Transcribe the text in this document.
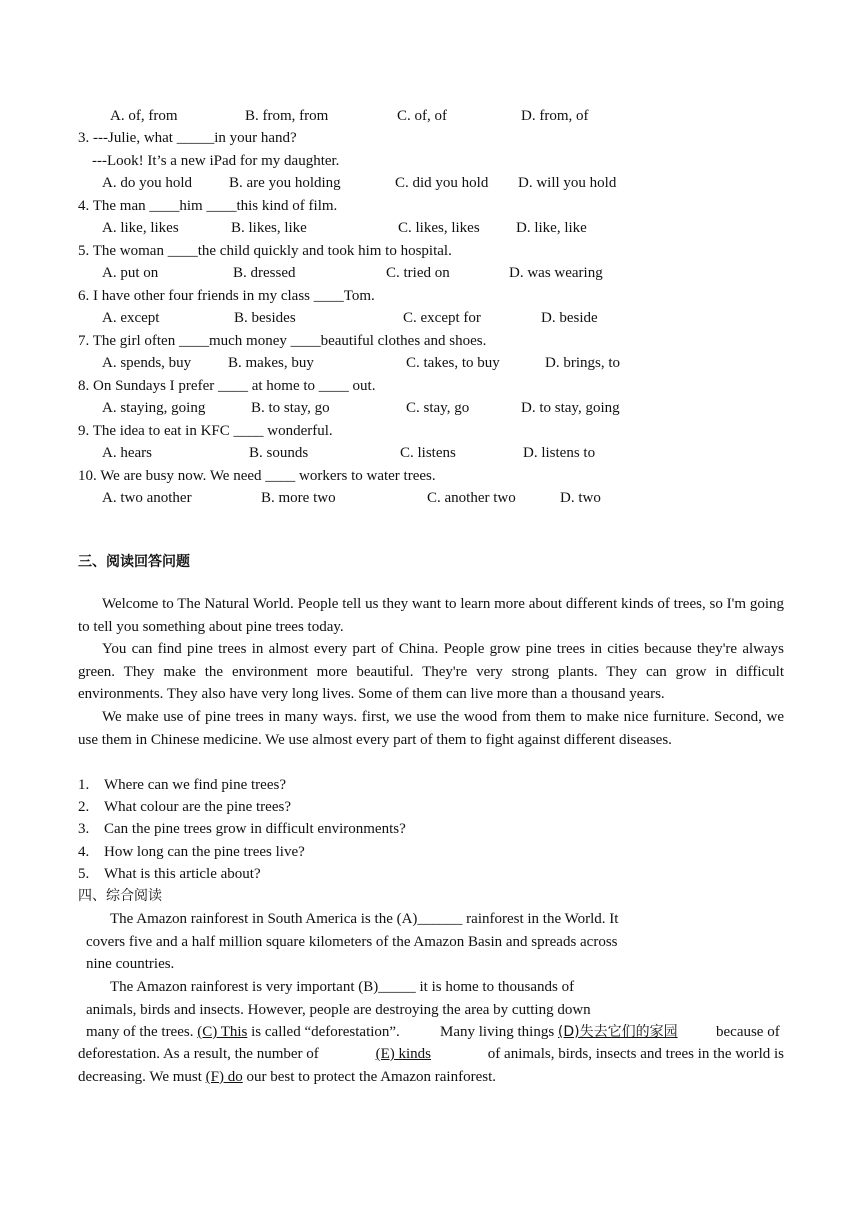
A. of, from	B. from, from	C. of, of	D. from, of
3. ---Julie, what _____in your hand?
---Look! It’s a new iPad for my daughter.
A. do you hold B. are you holding	C. did you hold D. will you hold
4. The man ____him ____this kind of film.
A. like, likes	B. likes, like	C. likes, likes D. like, like
5. The woman ____the child quickly and took him to hospital.
A. put on	B. dressed	C. tried on	D. was wearing
6. I have other four friends in my class ____Tom.
A. except	B. besides	C. except for	D. beside
7. The girl often ____much money ____beautiful clothes and shoes.
A. spends, buy B. makes, buy	C. takes, to buy	D. brings, to
8. On Sundays I prefer ____ at home to ____ out.
A. staying, going	B. to stay, go	C. stay, go	D. to stay, going
9. The idea to eat in KFC ____ wonderful.
A. hears	B. sounds	C. listens	D. listens to
10. We are busy now. We need ____ workers to water trees.
A. two another	B. more two	C. another two	D. two
三、阅读回答问题
Welcome to The Natural World. People tell us they want to learn more about different kinds of trees, so I'm going to tell you something about pine trees today.
You can find pine trees in almost every part of China. People grow pine trees in cities because they're always green. They make the environment more beautiful. They're very strong plants. They can grow in difficult environments. They also have very long lives. Some of them can live more than a thousand years.
We make use of pine trees in many ways. first, we use the wood from them to make nice furniture. Second, we use them in Chinese medicine. We use almost every part of them to fight against different diseases.
1. Where can we find pine trees?
2. What colour are the pine trees?
3. Can the pine trees grow in difficult environments?
4. How long can the pine trees live?
5. What is this article about?
四、综合阅读
The Amazon rainforest in South America is the (A)______ rainforest in the World. It covers five and a half million square kilometers of the Amazon Basin and spreads across nine countries.
The Amazon rainforest is very important (B)_____ it is home to thousands of animals, birds and insects. However, people are destroying the area by cutting down
many of the trees. (C) This is called “deforestation”.	Many living things (D)失去它们的家园	because of
deforestation. As a result, the number of	(E) kinds	of animals, birds, insects and trees in the world is
decreasing. We must (F) do our best to protect the Amazon rainforest.
